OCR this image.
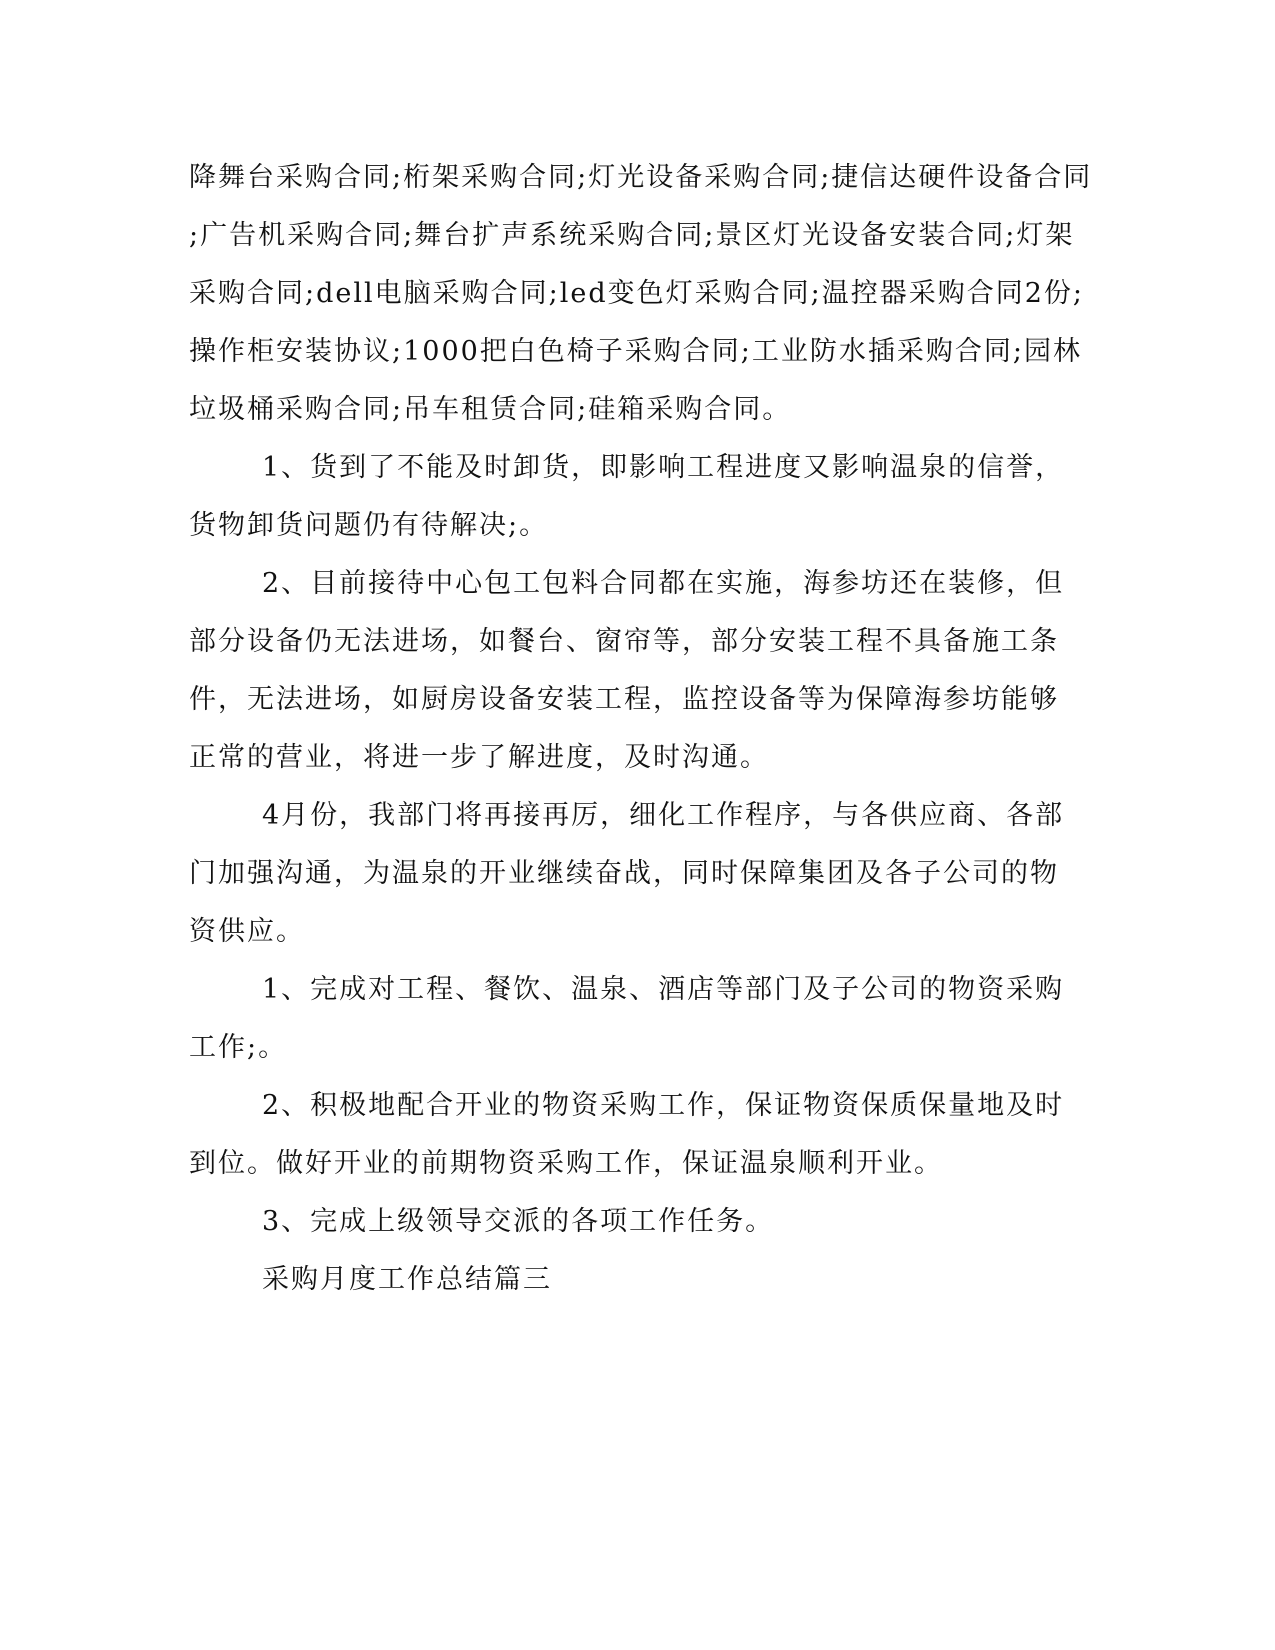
降舞台采购合同;桁架采购合同;灯光设备采购合同;捷信达硬件设备合同
;广告机采购合同;舞台扩声系统采购合同;景区灯光设备安装合同;灯架
采购合同;dell电脑采购合同;led变色灯采购合同;温控器采购合同2份;
操作柜安装协议;1000把白色椅子采购合同;工业防水插采购合同;园林
垃圾桶采购合同;吊车租赁合同;硅箱采购合同。
1、货到了不能及时卸货，即影响工程进度又影响温泉的信誉，
货物卸货问题仍有待解决;。
2、目前接待中心包工包料合同都在实施，海参坊还在装修，但
部分设备仍无法进场，如餐台、窗帘等，部分安装工程不具备施工条
件，无法进场，如厨房设备安装工程，监控设备等为保障海参坊能够
正常的营业，将进一步了解进度，及时沟通。
4月份，我部门将再接再厉，细化工作程序，与各供应商、各部
门加强沟通，为温泉的开业继续奋战，同时保障集团及各子公司的物
资供应。
1、完成对工程、餐饮、温泉、酒店等部门及子公司的物资采购
工作;。
2、积极地配合开业的物资采购工作，保证物资保质保量地及时
到位。做好开业的前期物资采购工作，保证温泉顺利开业。
3、完成上级领导交派的各项工作任务。
采购月度工作总结篇三
